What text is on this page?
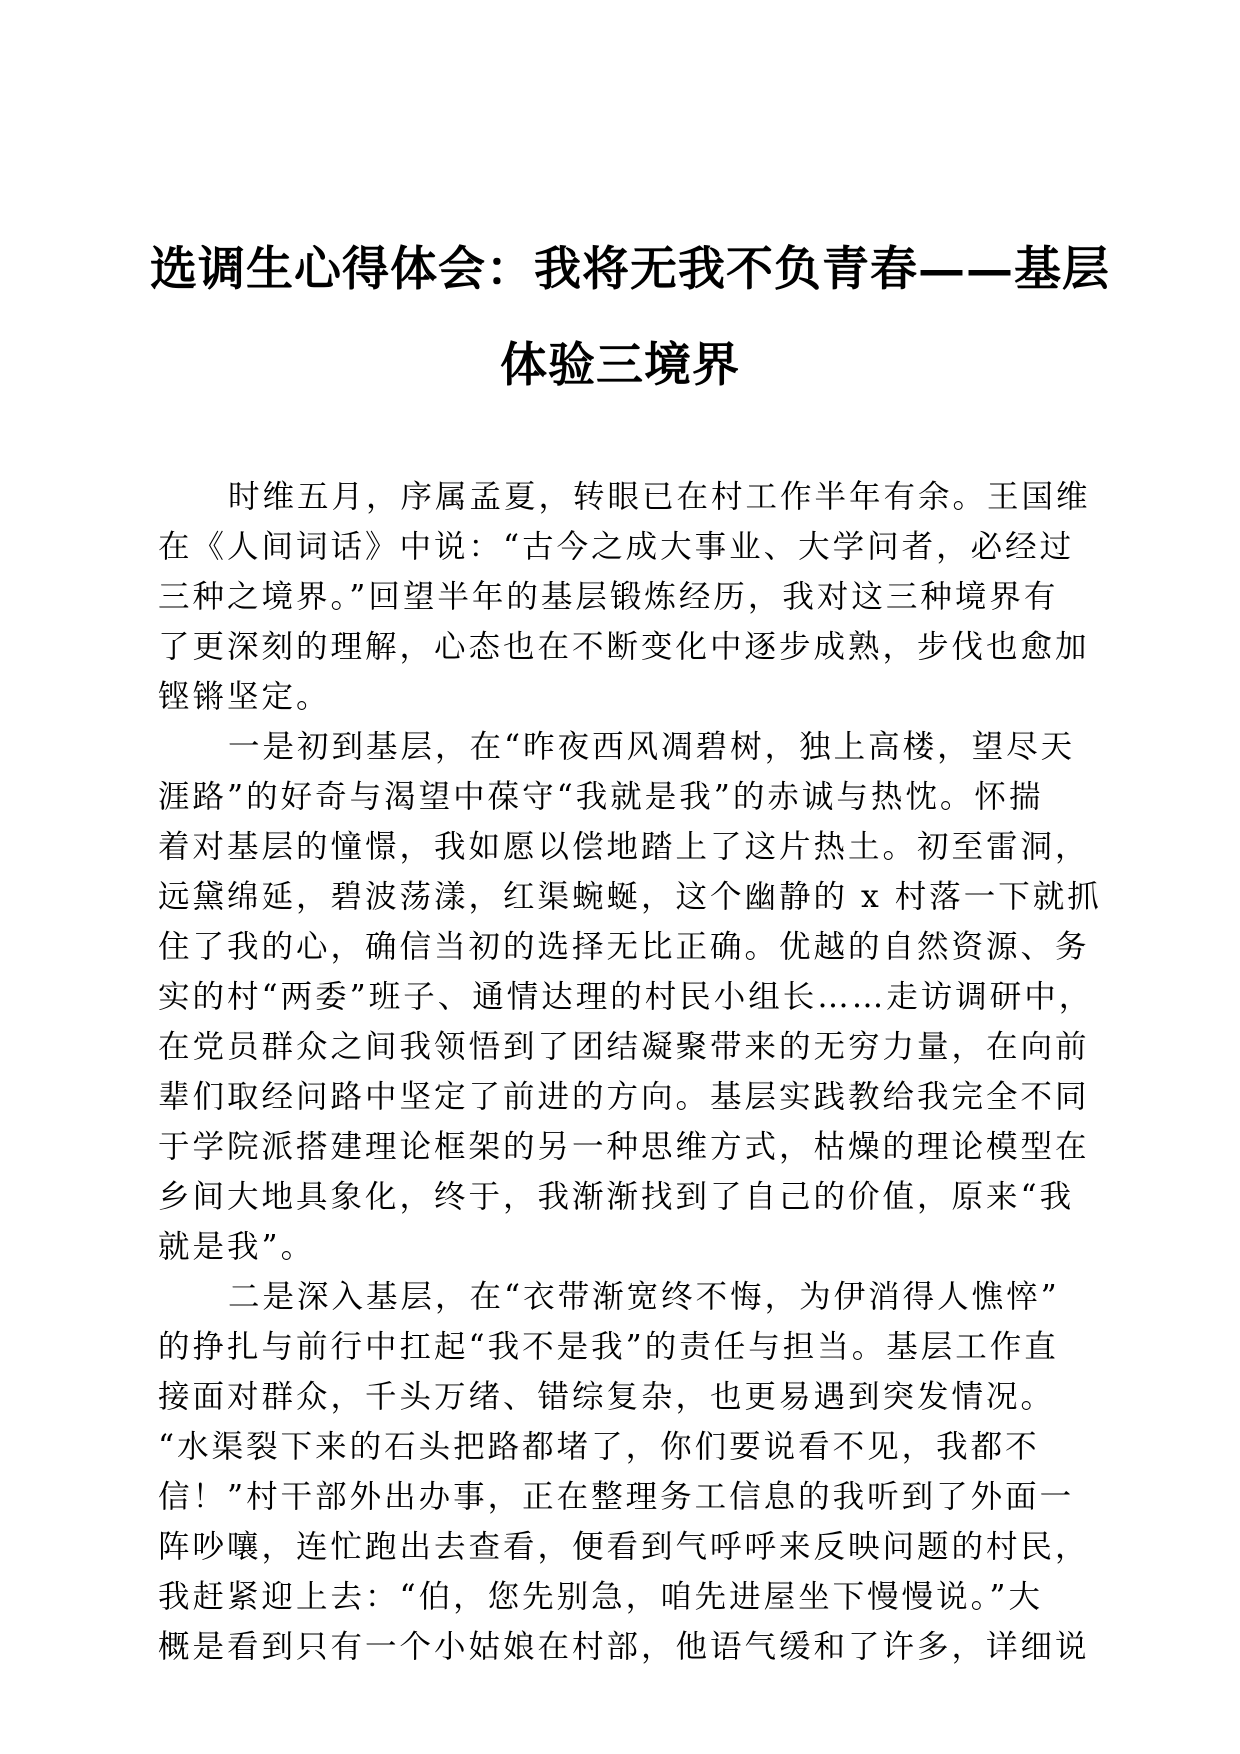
选调生心得体会：我将无我不负青春——基层
体验三境界
时维五月，序属孟夏，转眼已在村工作半年有余。王国维
在《人间词话》中说：“古今之成大事业、大学问者，必经过
三种之境界。”回望半年的基层锻炼经历，我对这三种境界有
了更深刻的理解，心态也在不断变化中逐步成熟，步伐也愈加
铿锵坚定。
一是初到基层，在“昨夜西风凋碧树，独上高楼，望尽天
涯路”的好奇与渴望中葆守“我就是我”的赤诚与热忱。怀揣
着对基层的憧憬，我如愿以偿地踏上了这片热土。初至雷洞，
远黛绵延，碧波荡漾，红渠蜿蜒，这个幽静的 x 村落一下就抓
住了我的心，确信当初的选择无比正确。优越的自然资源、务
实的村“两委”班子、通情达理的村民小组长……走访调研中，
在党员群众之间我领悟到了团结凝聚带来的无穷力量，在向前
辈们取经问路中坚定了前进的方向。基层实践教给我完全不同
于学院派搭建理论框架的另一种思维方式，枯燥的理论模型在
乡间大地具象化，终于，我渐渐找到了自己的价值，原来“我
就是我”。
二是深入基层，在“衣带渐宽终不悔，为伊消得人憔悴”
的挣扎与前行中扛起“我不是我”的责任与担当。基层工作直
接面对群众，千头万绪、错综复杂，也更易遇到突发情况。
“水渠裂下来的石头把路都堵了，你们要说看不见，我都不
信！”村干部外出办事，正在整理务工信息的我听到了外面一
阵吵嚷，连忙跑出去查看，便看到气呼呼来反映问题的村民，
我赶紧迎上去：“伯，您先别急，咱先进屋坐下慢慢说。”大
概是看到只有一个小姑娘在村部，他语气缓和了许多，详细说
